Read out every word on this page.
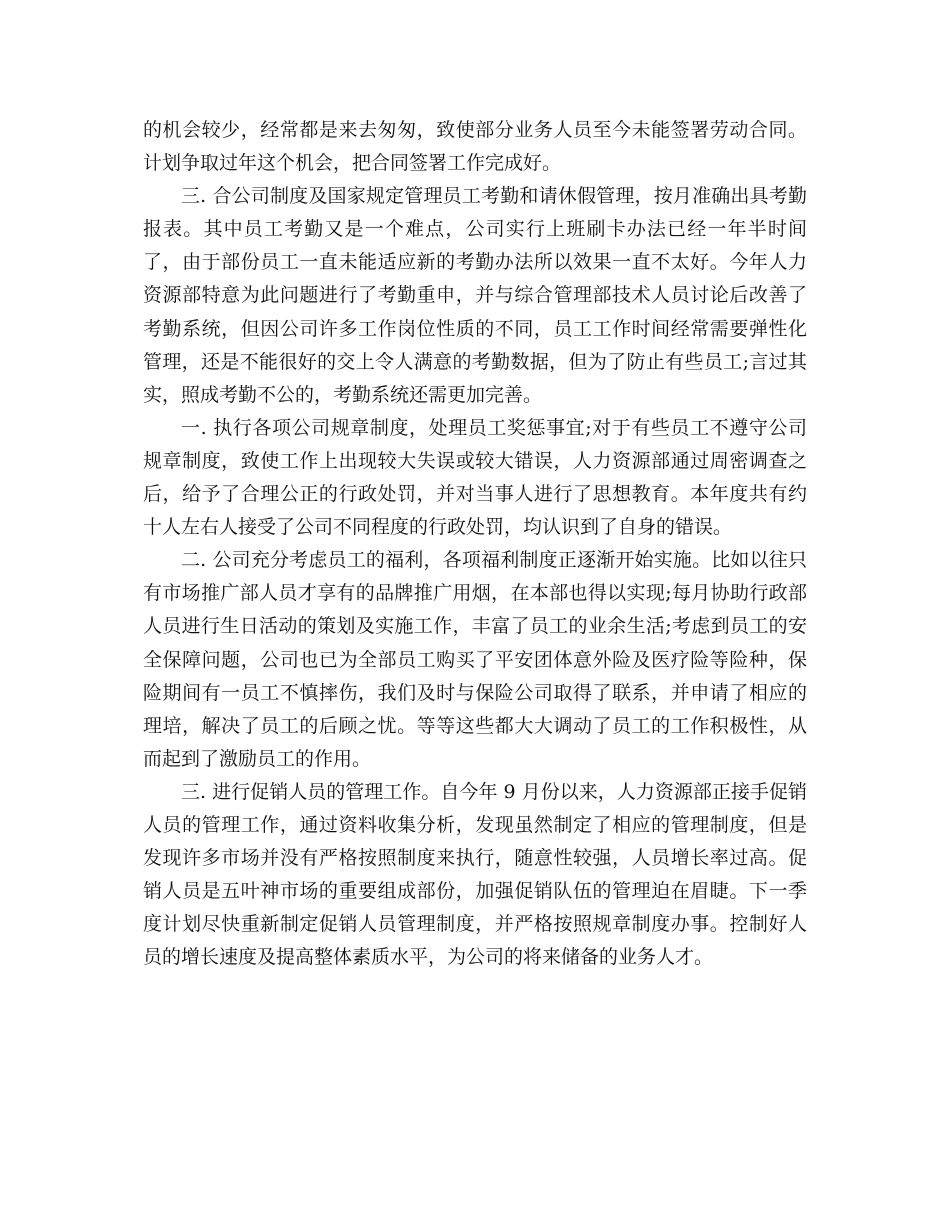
的机会较少，经常都是来去匆匆，致使部分业务人员至今未能签署劳动合同。计划争取过年这个机会，把合同签署工作完成好。

三. 合公司制度及国家规定管理员工考勤和请休假管理，按月准确出具考勤报表。其中员工考勤又是一个难点，公司实行上班刷卡办法已经一年半时间了，由于部份员工一直未能适应新的考勤办法所以效果一直不太好。今年人力资源部特意为此问题进行了考勤重申，并与综合管理部技术人员讨论后改善了考勤系统，但因公司许多工作岗位性质的不同，员工工作时间经常需要弹性化管理，还是不能很好的交上令人满意的考勤数据，但为了防止有些员工;言过其实，照成考勤不公的，考勤系统还需更加完善。

一. 执行各项公司规章制度，处理员工奖惩事宜;对于有些员工不遵守公司规章制度，致使工作上出现较大失误或较大错误，人力资源部通过周密调查之后，给予了合理公正的行政处罚，并对当事人进行了思想教育。本年度共有约十人左右人接受了公司不同程度的行政处罚，均认识到了自身的错误。

二. 公司充分考虑员工的福利，各项福利制度正逐渐开始实施。比如以往只有市场推广部人员才享有的品牌推广用烟，在本部也得以实现;每月协助行政部人员进行生日活动的策划及实施工作，丰富了员工的业余生活;考虑到员工的安全保障问题，公司也已为全部员工购买了平安团体意外险及医疗险等险种，保险期间有一员工不慎摔伤，我们及时与保险公司取得了联系，并申请了相应的理培，解决了员工的后顾之忧。等等这些都大大调动了员工的工作积极性，从而起到了激励员工的作用。

三. 进行促销人员的管理工作。自今年 9 月份以来，人力资源部正接手促销人员的管理工作，通过资料收集分析，发现虽然制定了相应的管理制度，但是发现许多市场并没有严格按照制度来执行，随意性较强，人员增长率过高。促销人员是五叶神市场的重要组成部份，加强促销队伍的管理迫在眉睫。下一季度计划尽快重新制定促销人员管理制度，并严格按照规章制度办事。控制好人员的增长速度及提高整体素质水平，为公司的将来储备的业务人才。
